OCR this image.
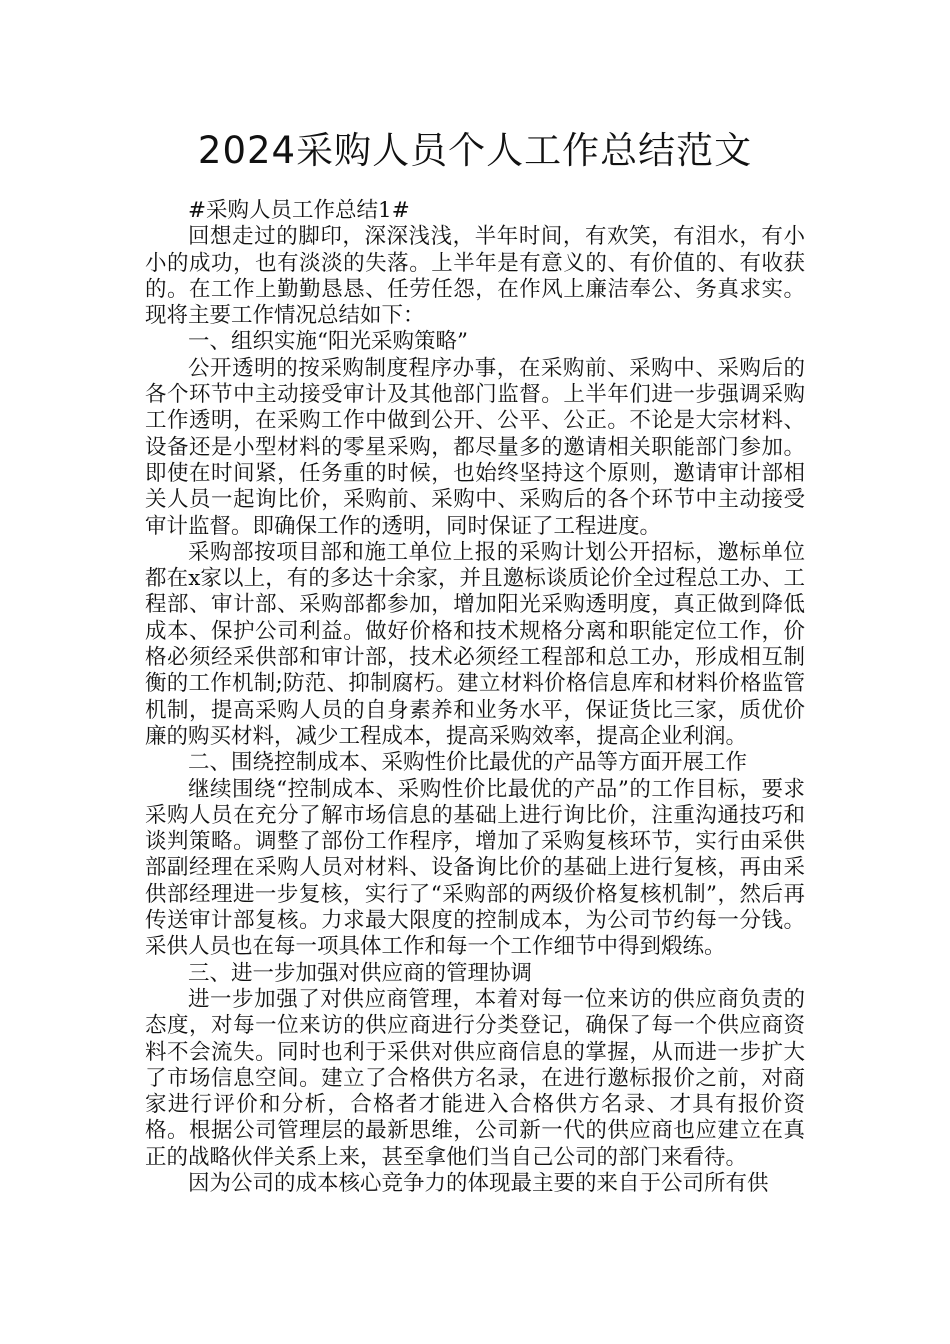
2024采购人员个人工作总结范文

#采购人员工作总结1#

回想走过的脚印，深深浅浅，半年时间，有欢笑，有泪水，有小小的成功，也有淡淡的失落。上半年是有意义的、有价值的、有收获的。在工作上勤勤恳恳、任劳任怨，在作风上廉洁奉公、务真求实。现将主要工作情况总结如下：

一、组织实施“阳光采购策略”

公开透明的按采购制度程序办事，在采购前、采购中、采购后的各个环节中主动接受审计及其他部门监督。上半年们进一步强调采购工作透明，在采购工作中做到公开、公平、公正。不论是大宗材料、设备还是小型材料的零星采购，都尽量多的邀请相关职能部门参加。即使在时间紧，任务重的时候，也始终坚持这个原则，邀请审计部相关人员一起询比价，采购前、采购中、采购后的各个环节中主动接受审计监督。即确保工作的透明，同时保证了工程进度。

采购部按项目部和施工单位上报的采购计划公开招标，邀标单位都在x家以上，有的多达十余家，并且邀标谈质论价全过程总工办、工程部、审计部、采购部都参加，增加阳光采购透明度，真正做到降低成本、保护公司利益。做好价格和技术规格分离和职能定位工作，价格必须经采供部和审计部，技术必须经工程部和总工办，形成相互制衡的工作机制;防范、抑制腐朽。建立材料价格信息库和材料价格监管机制，提高采购人员的自身素养和业务水平，保证货比三家，质优价廉的购买材料，减少工程成本，提高采购效率，提高企业利润。

二、围绕控制成本、采购性价比最优的产品等方面开展工作

继续围绕“控制成本、采购性价比最优的产品”的工作目标，要求采购人员在充分了解市场信息的基础上进行询比价，注重沟通技巧和谈判策略。调整了部份工作程序，增加了采购复核环节，实行由采供部副经理在采购人员对材料、设备询比价的基础上进行复核，再由采供部经理进一步复核，实行了“采购部的两级价格复核机制”，然后再传送审计部复核。力求最大限度的控制成本，为公司节约每一分钱。采供人员也在每一项具体工作和每一个工作细节中得到煅练。

三、进一步加强对供应商的管理协调

进一步加强了对供应商管理，本着对每一位来访的供应商负责的态度，对每一位来访的供应商进行分类登记，确保了每一个供应商资料不会流失。同时也利于采供对供应商信息的掌握，从而进一步扩大了市场信息空间。建立了合格供方名录，在进行邀标报价之前，对商家进行评价和分析，合格者才能进入合格供方名录、才具有报价资格。根据公司管理层的最新思维，公司新一代的供应商也应建立在真正的战略伙伴关系上来，甚至拿他们当自己公司的部门来看待。

因为公司的成本核心竞争力的体现最主要的来自于公司所有供
